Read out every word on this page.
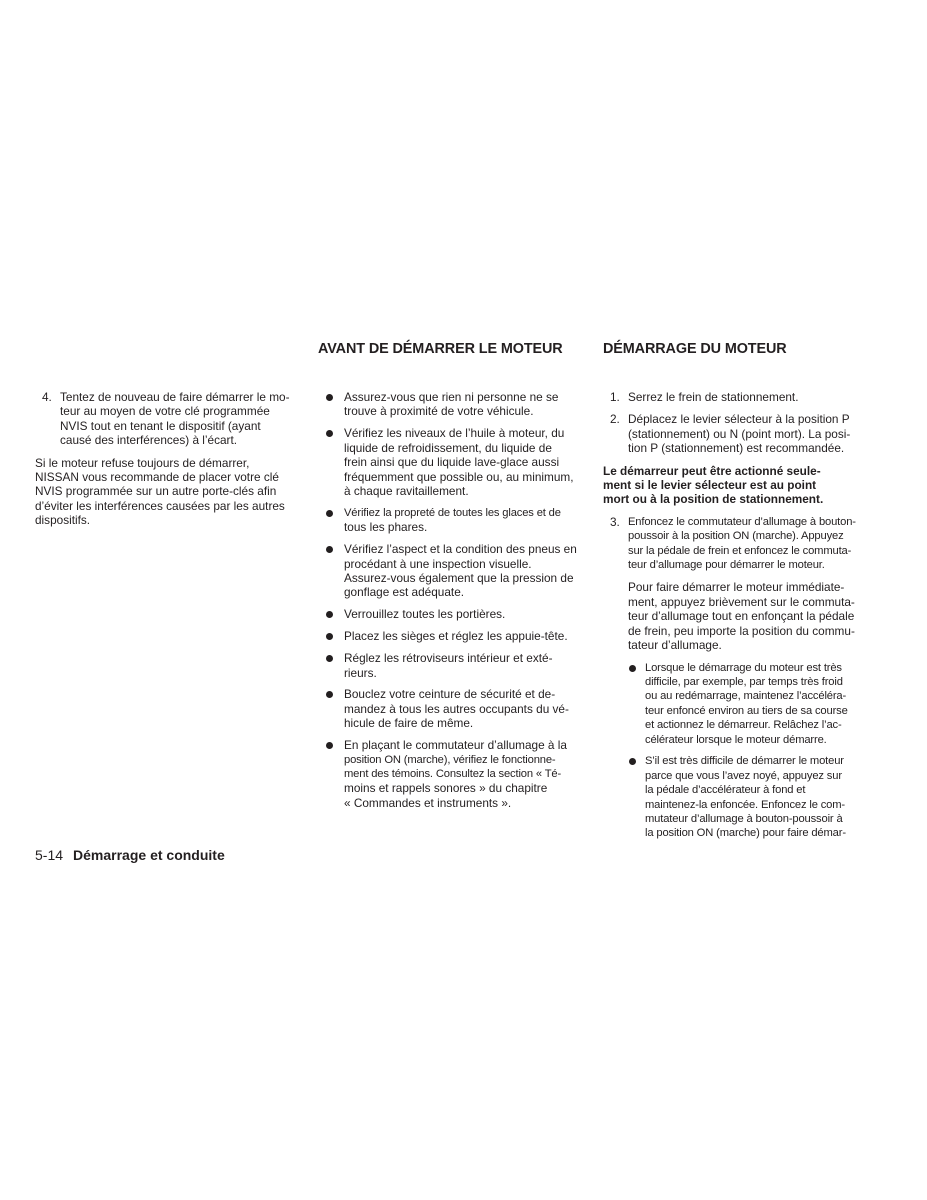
AVANT DE DÉMARRER LE MOTEUR	DÉMARRAGE DU MOTEUR
4. Tentez de nouveau de faire démarrer le mo-
teur au moyen de votre clé programmée
NVIS tout en tenant le dispositif (ayant
causé des interférences) à l’écart.
Si le moteur refuse toujours de démarrer,
NISSAN vous recommande de placer votre clé
NVIS programmée sur un autre porte-clés afin
d’éviter les interférences causées par les autres
dispositifs.
Assurez-vous que rien ni personne ne se
trouve à proximité de votre véhicule.
Vérifiez les niveaux de l’huile à moteur, du
liquide de refroidissement, du liquide de
frein ainsi que du liquide lave-glace aussi
fréquemment que possible ou, au minimum,
à chaque ravitaillement.
Vérifiez la propreté de toutes les glaces et de
tous les phares.
Vérifiez l’aspect et la condition des pneus en
procédant à une inspection visuelle.
Assurez-vous également que la pression de
gonflage est adéquate.
Verrouillez toutes les portières.
Placez les sièges et réglez les appuie-tête.
Réglez les rétroviseurs intérieur et exté-
rieurs.
Bouclez votre ceinture de sécurité et de-
mandez à tous les autres occupants du vé-
hicule de faire de même.
En plaçant le commutateur d’allumage à la
position ON (marche), vérifiez le fonctionne-
ment des témoins. Consultez la section « Té-
moins et rappels sonores » du chapitre
« Commandes et instruments ».
1. Serrez le frein de stationnement.
2. Déplacez le levier sélecteur à la position P
(stationnement) ou N (point mort). La posi-
tion P (stationnement) est recommandée.
Le démarreur peut être actionné seule-
ment si le levier sélecteur est au point
mort ou à la position de stationnement.
3. Enfoncez le commutateur d’allumage à bouton-
poussoir à la position ON (marche). Appuyez
sur la pédale de frein et enfoncez le commuta-
teur d’allumage pour démarrer le moteur.
Pour faire démarrer le moteur immédiate-
ment, appuyez brièvement sur le commuta-
teur d’allumage tout en enfonçant la pédale
de frein, peu importe la position du commu-
tateur d’allumage.
Lorsque le démarrage du moteur est très
difficile, par exemple, par temps très froid
ou au redémarrage, maintenez l’accéléra-
teur enfoncé environ au tiers de sa course
et actionnez le démarreur. Relâchez l’ac-
célérateur lorsque le moteur démarre.
S’il est très difficile de démarrer le moteur
parce que vous l’avez noyé, appuyez sur
la pédale d’accélérateur à fond et
maintenez-la enfoncée. Enfoncez le com-
mutateur d’allumage à bouton-poussoir à
la position ON (marche) pour faire démar-
5-14 Démarrage et conduite
